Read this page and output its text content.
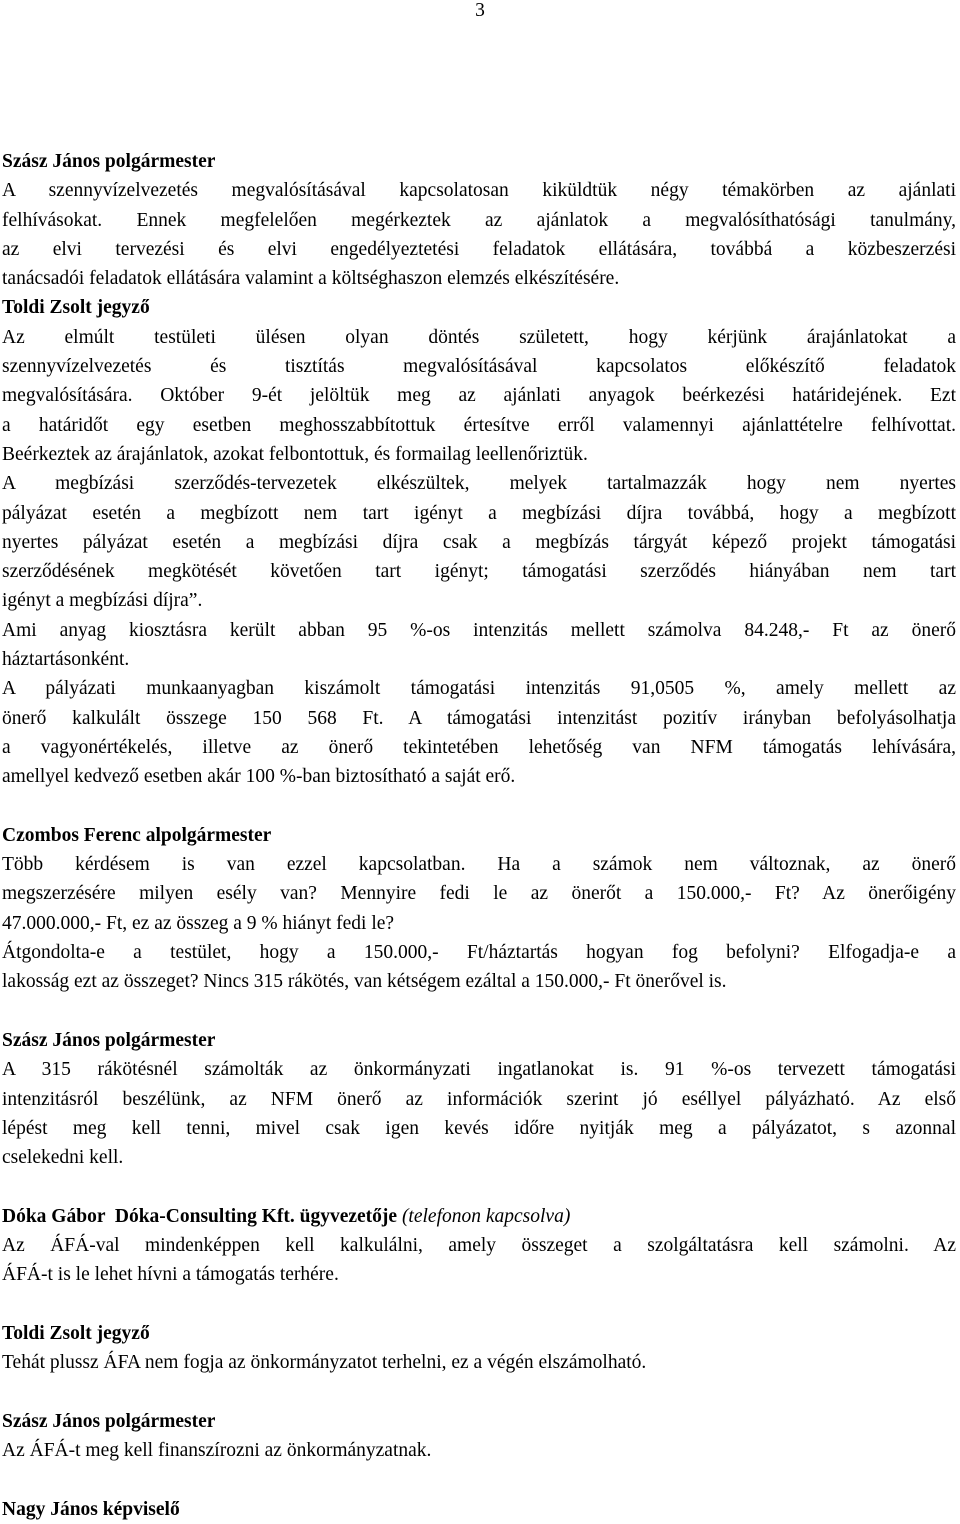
3
Szász János polgármester
A szennyvízelvezetés megvalósításával kapcsolatosan kiküldtük négy témakörben az ajánlati
felhívásokat. Ennek megfelelően megérkeztek az ajánlatok a megvalósíthatósági tanulmány,
az elvi tervezési és elvi engedélyeztetési feladatok ellátására, továbbá a közbeszerzési
tanácsadói feladatok ellátására valamint a költséghaszon elemzés elkészítésére.
Toldi Zsolt jegyző
Az elmúlt testületi ülésen olyan döntés született, hogy kérjünk árajánlatokat a
szennyvízelvezetés és tisztítás megvalósításával kapcsolatos előkészítő feladatok
megvalósítására. Október 9-ét jelöltük meg az ajánlati anyagok beérkezési határidejének. Ezt
a határidőt egy esetben meghosszabbítottuk értesítve erről valamennyi ajánlattételre felhívottat.
Beérkeztek az árajánlatok, azokat felbontottuk, és formailag leellenőriztük.
A megbízási szerződés-tervezetek elkészültek, melyek tartalmazzák hogy nem nyertes
pályázat esetén a megbízott nem tart igényt a megbízási díjra továbbá, hogy a megbízott
nyertes pályázat esetén a megbízási díjra csak a megbízás tárgyát képező projekt támogatási
szerződésének megkötését követően tart igényt; támogatási szerződés hiányában nem tart
igényt a megbízási díjra”.
Ami anyag kiosztásra került abban 95 %-os intenzitás mellett számolva 84.248,- Ft az önerő
háztartásonként.
A pályázati munkaanyagban kiszámolt támogatási intenzitás 91,0505 %, amely mellett az
önerő kalkulált összege 150 568 Ft. A támogatási intenzitást pozitív irányban befolyásolhatja
a vagyonértékelés, illetve az önerő tekintetében lehetőség van NFM támogatás lehívására,
amellyel kedvező esetben akár 100 %-ban biztosítható a saját erő.
Czombos Ferenc alpolgármester
Több kérdésem is van ezzel kapcsolatban. Ha a számok nem változnak, az önerő
megszerzésére milyen esély van? Mennyire fedi le az önerőt a 150.000,- Ft? Az önerőigény
47.000.000,- Ft, ez az összeg a 9 % hiányt fedi le?
Átgondolta-e a testület, hogy a 150.000,- Ft/háztartás hogyan fog befolyni? Elfogadja-e a
lakosság ezt az összeget? Nincs 315 rákötés, van kétségem ezáltal a 150.000,- Ft önerővel is.
Szász János polgármester
A 315 rákötésnél számolták az önkormányzati ingatlanokat is. 91 %-os tervezett támogatási
intenzitásról beszélünk, az NFM önerő az információk szerint jó eséllyel pályázható. Az első
lépést meg kell tenni, mivel csak igen kevés időre nyitják meg a pályázatot, s azonnal
cselekedni kell.
Dóka Gábor  Dóka-Consulting Kft. ügyvezetője (telefonon kapcsolva)
Az ÁFÁ-val mindenképpen kell kalkulálni, amely összeget a szolgáltatásra kell számolni. Az
ÁFÁ-t is le lehet hívni a támogatás terhére.
Toldi Zsolt jegyző
Tehát plussz ÁFA nem fogja az önkormányzatot terhelni, ez a végén elszámolható.
Szász János polgármester
Az ÁFÁ-t meg kell finanszírozni az önkormányzatnak.
Nagy János képviselő
